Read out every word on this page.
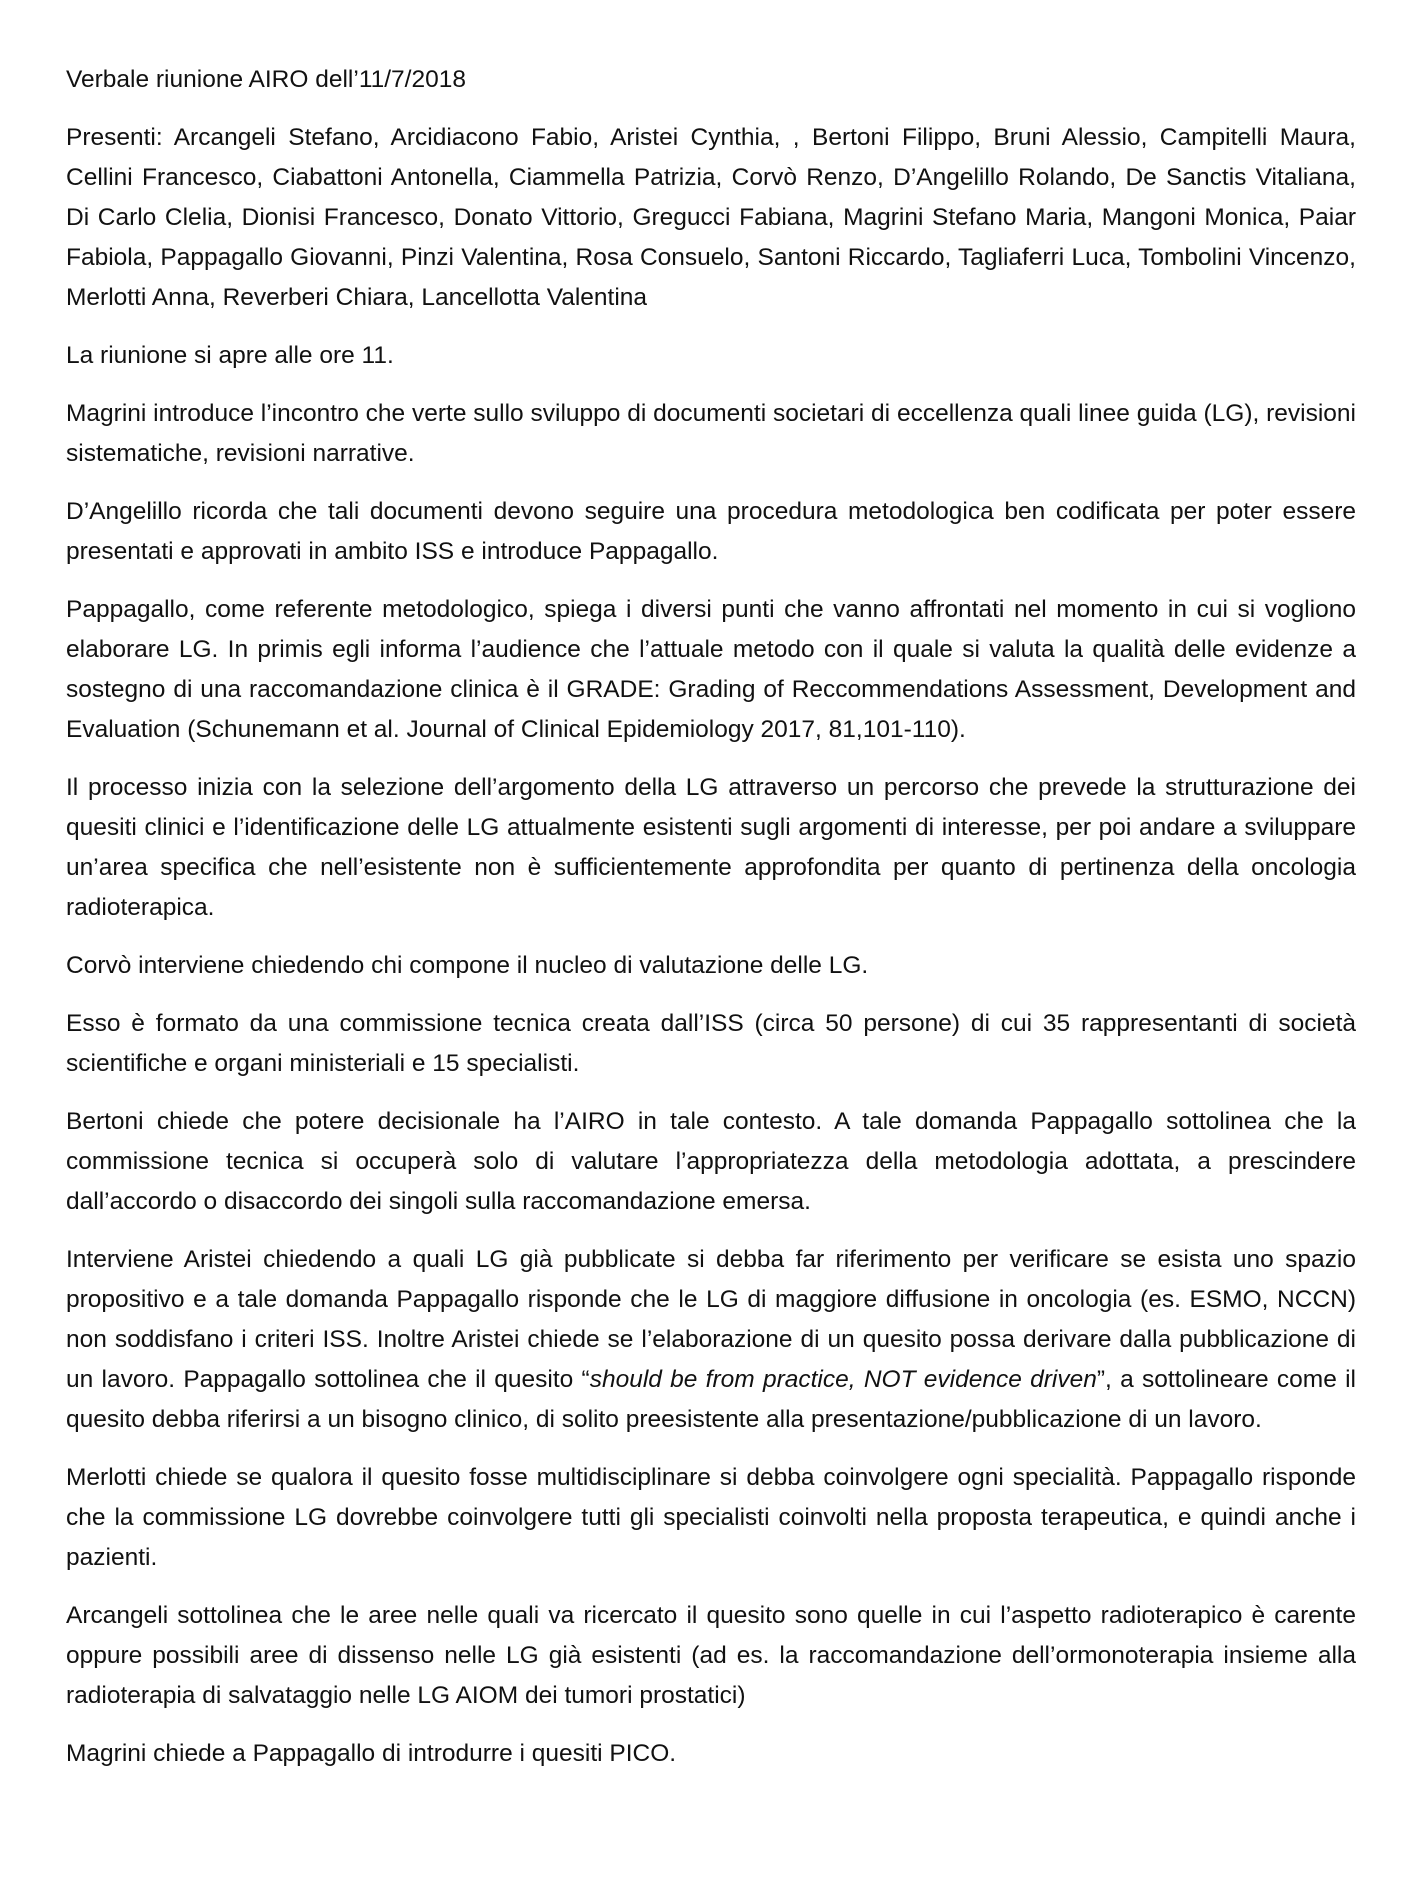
Verbale riunione AIRO dell’11/7/2018

Presenti: Arcangeli Stefano, Arcidiacono Fabio, Aristei Cynthia, , Bertoni Filippo, Bruni Alessio, Campitelli Maura, Cellini Francesco, Ciabattoni Antonella, Ciammella Patrizia, Corvò Renzo, D’Angelillo Rolando, De Sanctis Vitaliana, Di Carlo Clelia, Dionisi Francesco, Donato Vittorio, Gregucci Fabiana, Magrini Stefano Maria, Mangoni Monica, Paiar Fabiola, Pappagallo Giovanni, Pinzi Valentina, Rosa Consuelo, Santoni Riccardo, Tagliaferri Luca, Tombolini Vincenzo, Merlotti Anna, Reverberi Chiara, Lancellotta Valentina

La riunione si apre alle ore 11.

Magrini introduce l’incontro che verte sullo sviluppo di documenti societari di eccellenza quali linee guida (LG), revisioni sistematiche, revisioni narrative.

D’Angelillo ricorda che tali documenti devono seguire una procedura metodologica ben codificata per poter essere presentati e approvati in ambito ISS e introduce Pappagallo.

Pappagallo, come referente metodologico, spiega i diversi punti che vanno affrontati nel momento in cui si vogliono elaborare LG. In primis egli informa l’audience che l’attuale metodo con il quale si valuta la qualità delle evidenze a sostegno di una raccomandazione clinica è il GRADE: Grading of Reccommendations Assessment, Development and Evaluation (Schunemann et al. Journal of Clinical Epidemiology 2017, 81,101-110).

Il processo inizia con la selezione dell’argomento della LG attraverso un percorso che prevede la strutturazione dei quesiti clinici e l’identificazione delle LG attualmente esistenti sugli argomenti di interesse, per poi andare a sviluppare un’area specifica che nell’esistente non è sufficientemente approfondita per quanto di pertinenza della oncologia radioterapica.

Corvò interviene chiedendo chi compone il nucleo di valutazione delle LG.

Esso è formato da una commissione tecnica creata dall’ISS (circa 50 persone) di cui 35 rappresentanti di società scientifiche e organi ministeriali e 15 specialisti.

Bertoni chiede che potere decisionale ha l’AIRO in tale contesto. A tale domanda Pappagallo sottolinea che la commissione tecnica si occuperà solo di valutare l’appropriatezza della metodologia adottata, a prescindere dall’accordo o disaccordo dei singoli sulla raccomandazione emersa.

Interviene Aristei chiedendo a quali LG già pubblicate si debba far riferimento per verificare se esista uno spazio propositivo e a tale domanda Pappagallo risponde che le LG di maggiore diffusione in oncologia (es. ESMO, NCCN) non soddisfano i criteri ISS. Inoltre Aristei chiede se l’elaborazione di un quesito possa derivare dalla pubblicazione di un lavoro. Pappagallo sottolinea che il quesito “should be from practice, NOT evidence driven”, a sottolineare come il quesito debba riferirsi a un bisogno clinico, di solito preesistente alla presentazione/pubblicazione di un lavoro.

Merlotti chiede se qualora il quesito fosse multidisciplinare si debba coinvolgere ogni specialità. Pappagallo risponde che la commissione LG dovrebbe coinvolgere tutti gli specialisti coinvolti nella proposta terapeutica, e quindi anche i pazienti.

Arcangeli sottolinea che le aree nelle quali va ricercato il quesito sono quelle in cui l’aspetto radioterapico è carente oppure possibili aree di dissenso nelle LG già esistenti (ad es. la raccomandazione dell’ormonoterapia insieme alla radioterapia di salvataggio nelle LG AIOM dei tumori prostatici)

Magrini chiede a Pappagallo di introdurre i quesiti PICO.
